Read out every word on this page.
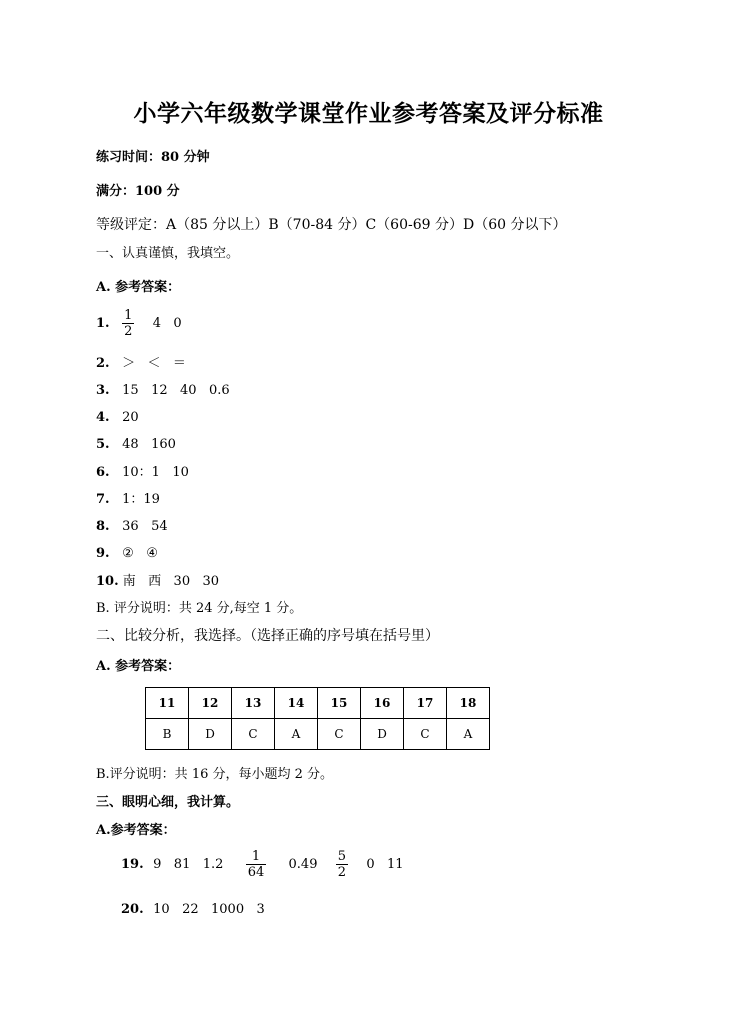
小学六年级数学课堂作业参考答案及评分标准
练习时间：80 分钟
满分：100 分
等级评定：A（85 分以上）B（70-84 分）C（60-69 分）D（60 分以下）
一、认真谨慎，我填空。
A. 参考答案：
1. $\frac{1}{2} 4$   0
2. ＞   ＜   ＝
3. 15   12   40   0.6
4. 20
5. 48   160
6. 10：1   10
7. 1：19
8. 36   54
9. ②   ④
10. 南   西   30   30
B. 评分说明：共 24 分,每空 1 分。
二、比较分析，我选择。（选择正确的序号填在括号里）
A. 参考答案：
11	12	13	14	15	16	17	18
B	D	C	A	C	D	C	A
B.评分说明：共 16 分，每小题均 2 分。
三、眼明心细，我计算。
A.参考答案：
19. 9   81   $1.2 \frac{1}{64} 0.49 \frac{5}{2} 0$   11
20. 10   22   1000   3
